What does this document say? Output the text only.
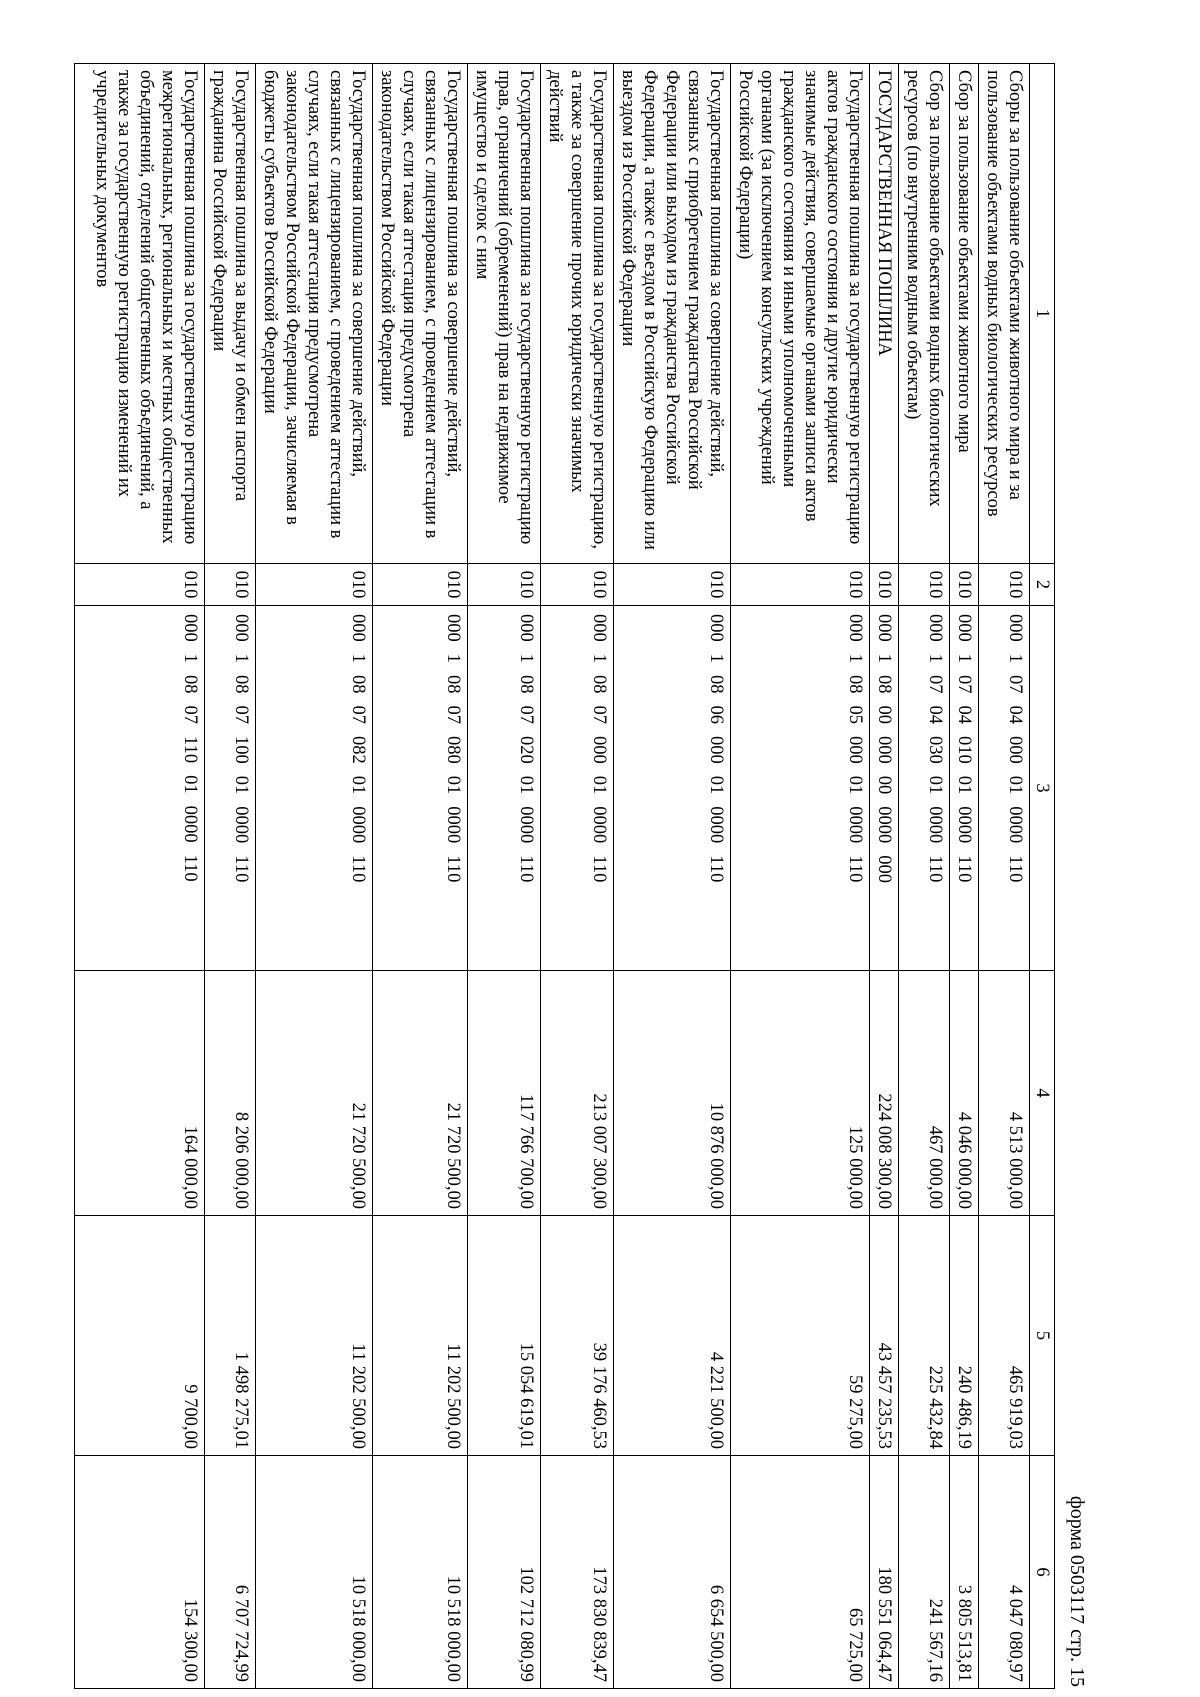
форма 0503117 стр. 15
1	2	3	4	5	6
Сборы за пользование объектами животного мира и за пользование объектами водных биологических ресурсов	010	00010704000010000110	4 513 000,00	465 919,03	4 047 080,97
Сбор за пользование объектами животного мира	010	00010704010010000110	4 046 000,00	240 486,19	3 805 513,81
Сбор за пользование объектами водных биологических ресурсов (по внутренним водным объектам)	010	00010704030010000110	467 000,00	225 432,84	241 567,16
ГОСУДАРСТВЕННАЯ ПОШЛИНА	010	00010800000000000000	224 008 300,00	43 457 235,53	180 551 064,47
Государственная пошлина за государственную регистрацию актов гражданского состояния и другие юридически значимые действия, совершаемые органами записи актов гражданского состояния и иными уполномоченными органами (за исключением консульских учреждений Российской Федерации)	010	00010805000010000110	125 000,00	59 275,00	65 725,00
Государственная пошлина за совершение действий, связанных с приобретением гражданства Российской Федерации или выходом из гражданства Российской Федерации, а также с въездом в Российскую Федерацию или выездом из Российской Федерации	010	00010806000010000110	10 876 000,00	4 221 500,00	6 654 500,00
Государственная пошлина за государственную регистрацию, а также за совершение прочих юридически значимых действий	010	00010807000010000110	213 007 300,00	39 176 460,53	173 830 839,47
Государственная пошлина за государственную регистрацию прав, ограничений (обременений) прав на недвижимое имущество и сделок с ним	010	00010807020010000110	117 766 700,00	15 054 619,01	102 712 080,99
Государственная пошлина за совершение действий, связанных с лицензированием, с проведением аттестации в случаях, если такая аттестация предусмотрена законодательством Российской Федерации	010	00010807080010000110	21 720 500,00	11 202 500,00	10 518 000,00
Государственная пошлина за совершение действий, связанных с лицензированием, с проведением аттестации в случаях, если такая аттестация предусмотрена законодательством Российской Федерации, зачисляемая в бюджеты субъектов Российской Федерации	010	00010807082010000110	21 720 500,00	11 202 500,00	10 518 000,00
Государственная пошлина за выдачу и обмен паспорта гражданина Российской Федерации	010	00010807100010000110	8 206 000,00	1 498 275,01	6 707 724,99
Государственная пошлина за государственную регистрацию межрегиональных, региональных и местных общественных объединений, отделений общественных объединений, а также за государственную регистрацию изменений их учредительных документов	010	00010807110010000110	164 000,00	9 700,00	154 300,00
